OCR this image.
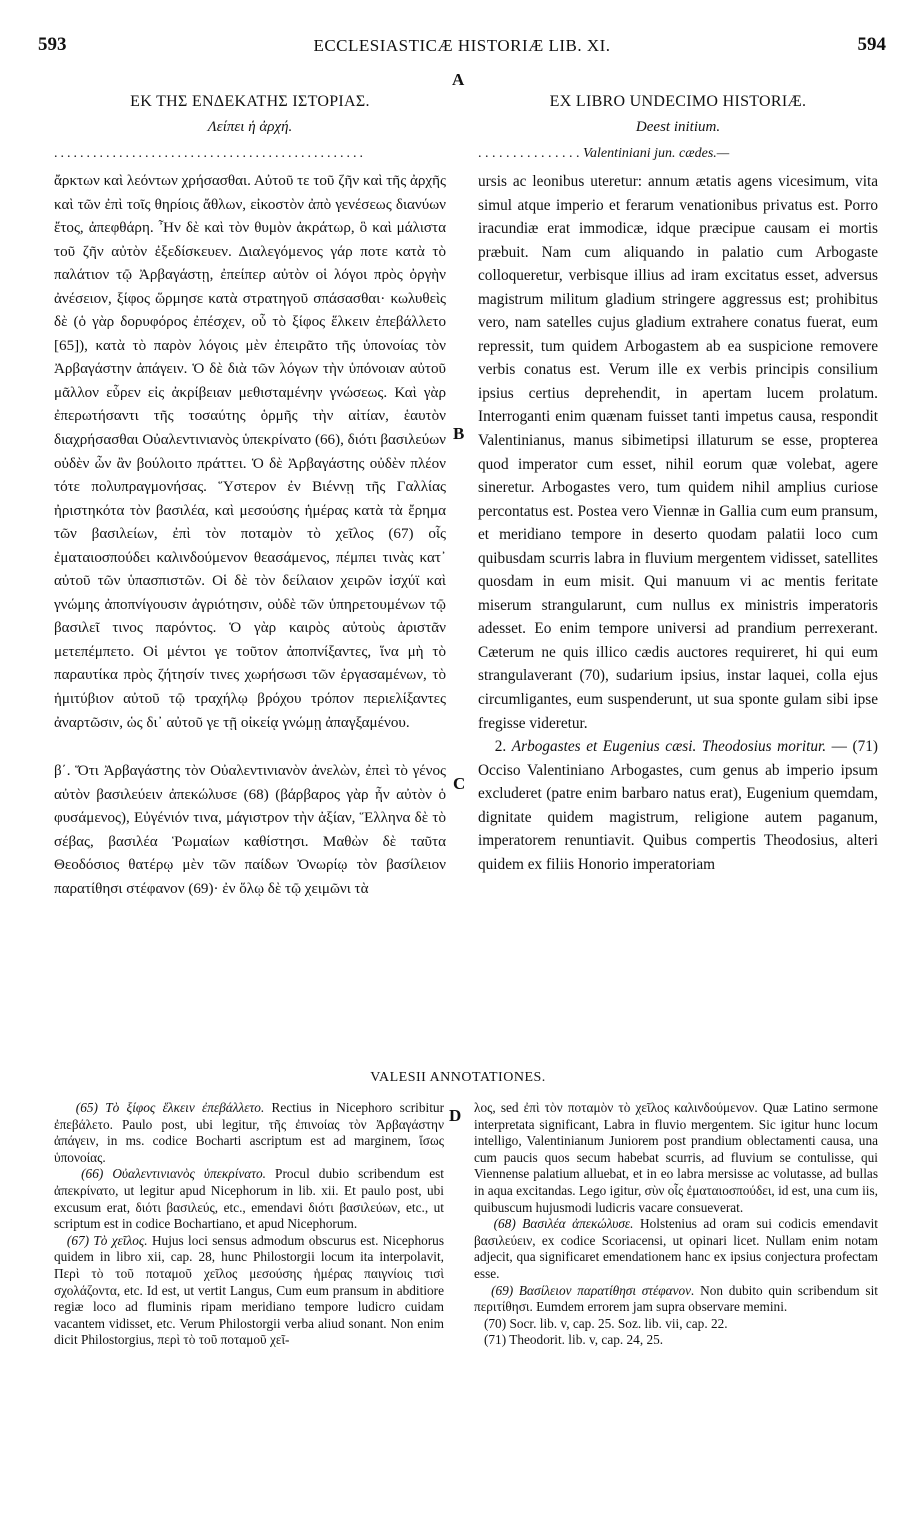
593	ECCLESIASTICÆ HISTORIÆ LIB. XI.	594
A
B
C
D
ΕΚ ΤΗΣ ΕΝΔΕΚΑΤΗΣ ΙΣΤΟΡΙΑΣ.
Λείπει ἡ ἀρχή.
................................................

ἄρκτων καὶ λεόντων χρήσασθαι. Αὐτοῦ τε τοῦ ζῆν καὶ τῆς ἀρχῆς καὶ τῶν ἐπὶ τοῖς θηρίοις ἄθλων, εἰκοστὸν ἀπὸ γενέσεως διανύων ἔτος, ἀπεφθάρη. Ἦν δὲ καὶ τὸν θυμὸν ἀκράτωρ, ὃ καὶ μάλιστα τοῦ ζῆν αὐτὸν ἐξεδίσκευεν. Διαλεγόμενος γάρ ποτε κατὰ τὸ παλάτιον τῷ Ἀρβαγάστῃ, ἐπείπερ αὐτὸν οἱ λόγοι πρὸς ὀργὴν ἀνέσειον, ξίφος ὥρμησε κατὰ στρατηγοῦ σπάσασθαι· κωλυθεὶς δὲ (ὁ γὰρ δορυφόρος ἐπέσχεν, οὗ τὸ ξίφος ἕλκειν ἐπεβάλλετο [65]), κατὰ τὸ παρὸν λόγοις μὲν ἐπειρᾶτο τῆς ὑπονοίας τὸν Ἀρβαγάστην ἀπάγειν. Ὁ δὲ διὰ τῶν λόγων τὴν ὑπόνοιαν αὐτοῦ μᾶλλον εὗρεν εἰς ἀκρίβειαν μεθισταμένην γνώσεως. Καὶ γὰρ ἐπερωτήσαντι τῆς τοσαύτης ὁρμῆς τὴν αἰτίαν, ἑαυτὸν διαχρήσασθαι Οὐαλεντινιανὸς ὑπεκρίνατο (66), διότι βασιλεύων οὐδὲν ὧν ἂν βούλοιτο πράττει. Ὁ δὲ Ἀρβαγάστης οὐδὲν πλέον τότε πολυπραγμονήσας. Ὕστερον ἐν Βιέννῃ τῆς Γαλλίας ἠριστηκότα τὸν βασιλέα, καὶ μεσούσης ἡμέρας κατὰ τὰ ἔρημα τῶν βασιλείων, ἐπὶ τὸν ποταμὸν τὸ χεῖλος (67) οἷς ἐματαιοσπούδει καλινδούμενον θεασάμενος, πέμπει τινὰς κατ᾽ αὐτοῦ τῶν ὑπασπιστῶν. Οἱ δὲ τὸν δείλαιον χειρῶν ἰσχύϊ καὶ γνώμης ἀποπνίγουσιν ἀγριότησιν, οὐδὲ τῶν ὑπηρετουμένων τῷ βασιλεῖ τινος παρόντος. Ὁ γὰρ καιρὸς αὐτοὺς ἀριστᾶν μετεπέμπετο. Οἱ μέντοι γε τοῦτον ἀποπνίξαντες, ἵνα μὴ τὸ παραυτίκα πρὸς ζήτησίν τινες χωρήσωσι τῶν ἐργασαμένων, τὸ ἡμιτύβιον αὐτοῦ τῷ τραχήλῳ βρόχου τρόπον περιελίξαντες ἀναρτῶσιν, ὡς δι᾽ αὐτοῦ γε τῇ οἰκείᾳ γνώμῃ ἀπαγξαμένου.

β΄. Ὅτι Ἀρβαγάστης τὸν Οὐαλεντινιανὸν ἀνελὼν, ἐπεὶ τὸ γένος αὐτὸν βασιλεύειν ἀπεκώλυσε (68) (βάρβαρος γὰρ ἦν αὐτὸν ὁ φυσάμενος), Εὐγένιόν τινα, μάγιστρον τὴν ἀξίαν, Ἕλληνα δὲ τὸ σέβας, βασιλέα Ῥωμαίων καθίστησι. Μαθὼν δὲ ταῦτα Θεοδόσιος θατέρῳ μὲν τῶν παίδων Ὀνωρίῳ τὸν βασίλειον παρατίθησι στέφανον (69)· ἐν ὅλῳ δὲ τῷ χειμῶνι τὰ

EX LIBRO UNDECIMO HISTORIÆ.
Deest initium.
. . . . . . . . . . . . . . . Valentiniani jun. cædes.—

ursis ac leonibus uteretur: annum ætatis agens vicesimum, vita simul atque imperio et ferarum venationibus privatus est. Porro iracundiæ erat immodicæ, idque præcipue causam ei mortis præbuit. Nam cum aliquando in palatio cum Arbogaste colloqueretur, verbisque illius ad iram excitatus esset, adversus magistrum militum gladium stringere aggressus est; prohibitus vero, nam satelles cujus gladium extrahere conatus fuerat, eum repressit, tum quidem Arbogastem ab ea suspicione removere verbis conatus est. Verum ille ex verbis principis consilium ipsius certius deprehendit, in apertam lucem prolatum. Interroganti enim quænam fuisset tanti impetus causa, respondit Valentinianus, manus sibimetipsi illaturum se esse, propterea quod imperator cum esset, nihil eorum quæ volebat, agere sineretur. Arbogastes vero, tum quidem nihil amplius curiose percontatus est. Postea vero Viennæ in Gallia cum eum pransum, et meridiano tempore in deserto quodam palatii loco cum quibusdam scurris labra in fluvium mergentem vidisset, satellites quosdam in eum misit. Qui manuum vi ac mentis feritate miserum strangularunt, cum nullus ex ministris imperatoris adesset. Eo enim tempore universi ad prandium perrexerant. Cæterum ne quis illico cædis auctores requireret, hi qui eum strangulaverant (70), sudarium ipsius, instar laquei, colla ejus circumligantes, eum suspenderunt, ut sua sponte gulam sibi ipse fregisse videretur.

2. Arbogastes et Eugenius cæsi. Theodosius moritur. — (71) Occiso Valentiniano Arbogastes, cum genus ab imperio ipsum excluderet (patre enim barbaro natus erat), Eugenium quemdam, dignitate quidem magistrum, religione autem paganum, imperatorem renuntiavit. Quibus compertis Theodosius, alteri quidem ex filiis Honorio imperatoriam

VALESII ANNOTATIONES.

(65) Τὸ ξίφος ἕλκειν ἐπεβάλλετο. Rectius in Nicephoro scribitur ἐπεβάλετο. Paulo post, ubi legitur, τῆς ἐπινοίας τὸν Ἀρβαγάστην ἀπάγειν, in ms. codice Bocharti ascriptum est ad marginem, ἴσως ὑπονοίας.

(66) Οὐαλεντινιανὸς ὑπεκρίνατο. Procul dubio scribendum est ἀπεκρίνατο, ut legitur apud Nicephorum in lib. xii. Et paulo post, ubi excusum erat, διότι βασιλεύς, etc., emendavi διότι βασιλεύων, etc., ut scriptum est in codice Bochartiano, et apud Nicephorum.

(67) Τὸ χεῖλος. Hujus loci sensus admodum obscurus est. Nicephorus quidem in libro xii, cap. 28, hunc Philostorgii locum ita interpolavit, Περὶ τὸ τοῦ ποταμοῦ χεῖλος μεσούσης ἡμέρας παιγνίοις τισὶ σχολάζοντα, etc. Id est, ut vertit Langus, Cum eum pransum in abditiore regiæ loco ad fluminis ripam meridiano tempore ludicro cuidam vacantem vidisset, etc. Verum Philostorgii verba aliud sonant. Non enim dicit Philostorgius, περὶ τὸ τοῦ ποταμοῦ χεῖ-

λος, sed ἐπὶ τὸν ποταμὸν τὸ χεῖλος καλινδούμενον. Quæ Latino sermone interpretata significant, Labra in fluvio mergentem. Sic igitur hunc locum intelligo, Valentinianum Juniorem post prandium oblectamenti causa, una cum paucis quos secum habebat scurris, ad fluvium se contulisse, qui Viennense palatium alluebat, et in eo labra mersisse ac volutasse, ad bullas in aqua excitandas. Lego igitur, σὺν οἷς ἐματαιοσπούδει, id est, una cum iis, quibuscum hujusmodi ludicris vacare consueverat.

(68) Βασιλέα ἀπεκώλυσε. Holstenius ad oram sui codicis emendavit βασιλεύειν, ex codice Scoriacensi, ut opinari licet. Nullam enim notam adjecit, qua significaret emendationem hanc ex ipsius conjectura profectam esse.

(69) Βασίλειον παρατίθησι στέφανον. Non dubito quin scribendum sit περιτίθησι. Eumdem errorem jam supra observare memini.

(70) Socr. lib. v, cap. 25. Soz. lib. vii, cap. 22.

(71) Theodorit. lib. v, cap. 24, 25.
